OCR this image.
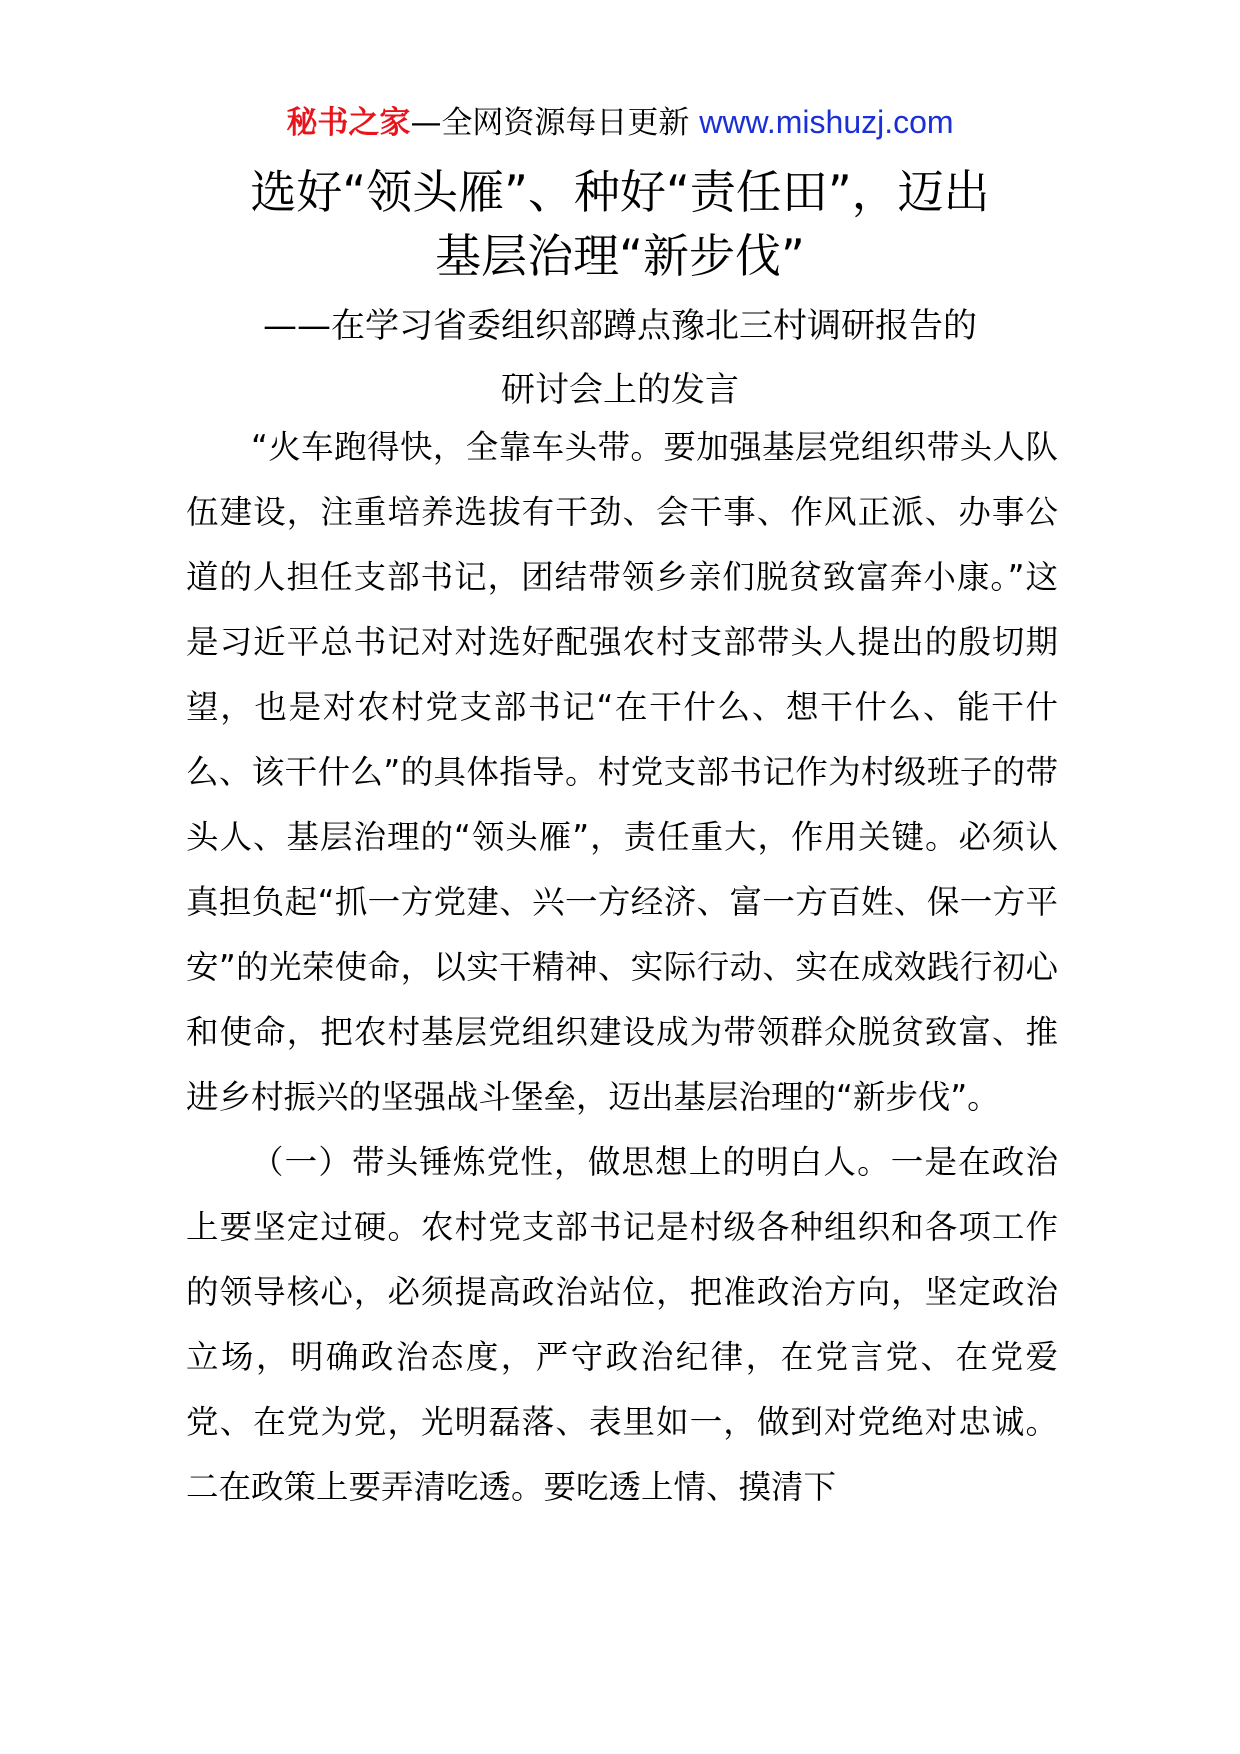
秘书之家—全网资源每日更新 www.mishuzj.com
选好“领头雁”、种好“责任田”，迈出
基层治理“新步伐”
——在学习省委组织部蹲点豫北三村调研报告的
研讨会上的发言

“火车跑得快，全靠车头带。要加强基层党组织带头人队伍建设，注重培养选拔有干劲、会干事、作风正派、办事公道的人担任支部书记，团结带领乡亲们脱贫致富奔小康。”这是习近平总书记对对选好配强农村支部带头人提出的殷切期望，也是对农村党支部书记“在干什么、想干什么、能干什么、该干什么”的具体指导。村党支部书记作为村级班子的带头人、基层治理的“领头雁”，责任重大，作用关键。必须认真担负起“抓一方党建、兴一方经济、富一方百姓、保一方平安”的光荣使命，以实干精神、实际行动、实在成效践行初心和使命，把农村基层党组织建设成为带领群众脱贫致富、推进乡村振兴的坚强战斗堡垒，迈出基层治理的“新步伐”。

（一）带头锤炼党性，做思想上的明白人。一是在政治上要坚定过硬。农村党支部书记是村级各种组织和各项工作的领导核心，必须提高政治站位，把准政治方向，坚定政治立场，明确政治态度，严守政治纪律，在党言党、在党爱党、在党为党，光明磊落、表里如一，做到对党绝对忠诚。二在政策上要弄清吃透。要吃透上情、摸清下
